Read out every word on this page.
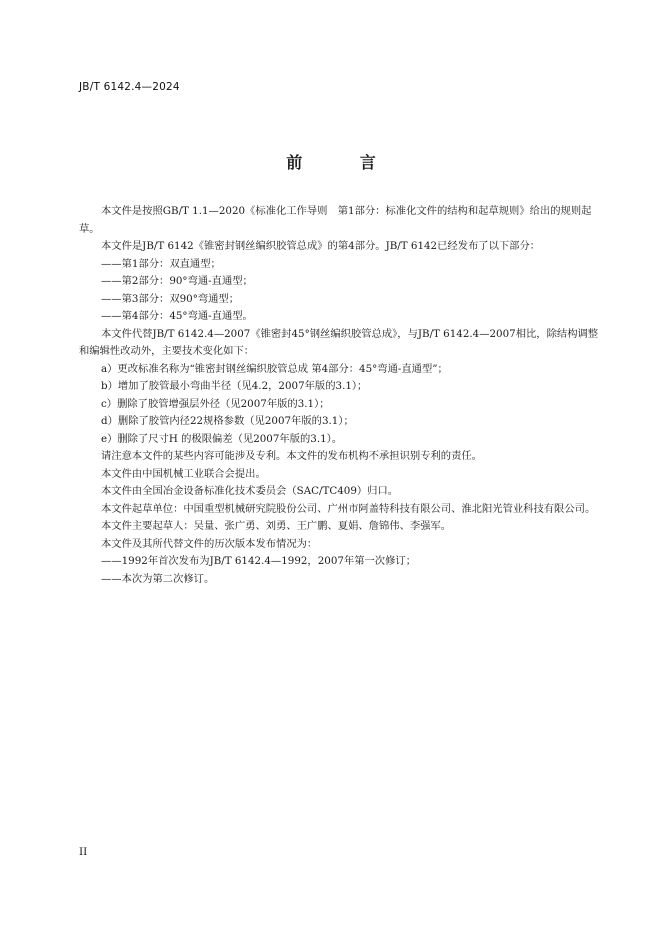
JB/T 6142.4—2024
前 言

本文件是按照GB/T 1.1—2020《标准化工作导则　第1部分：标准化文件的结构和起草规则》给出的规则起草。

本文件是JB/T 6142《锥密封钢丝编织胶管总成》的第4部分。JB/T 6142已经发布了以下部分：

——第1部分：双直通型；

——第2部分：90°弯通-直通型；

——第3部分：双90°弯通型；

——第4部分：45°弯通-直通型。

本文件代替JB/T 6142.4—2007《锥密封45°钢丝编织胶管总成》，与JB/T 6142.4—2007相比，除结构调整和编辑性改动外，主要技术变化如下：

a）更改标准名称为“锥密封钢丝编织胶管总成 第4部分：45°弯通-直通型”；

b）增加了胶管最小弯曲半径（见4.2，2007年版的3.1）；

c）删除了胶管增强层外径（见2007年版的3.1）；

d）删除了胶管内径22规格参数（见2007年版的3.1）；

e）删除了尺寸H 的极限偏差（见2007年版的3.1）。

请注意本文件的某些内容可能涉及专利。本文件的发布机构不承担识别专利的责任。

本文件由中国机械工业联合会提出。

本文件由全国冶金设备标准化技术委员会（SAC/TC409）归口。

本文件起草单位：中国重型机械研究院股份公司、广州市阿盖特科技有限公司、淮北阳光管业科技有限公司。

本文件主要起草人：吴量、张广勇、刘勇、王广鹏、夏娟、詹锦伟、李强军。

本文件及其所代替文件的历次版本发布情况为：

——1992年首次发布为JB/T 6142.4—1992，2007年第一次修订；

——本次为第二次修订。

II
